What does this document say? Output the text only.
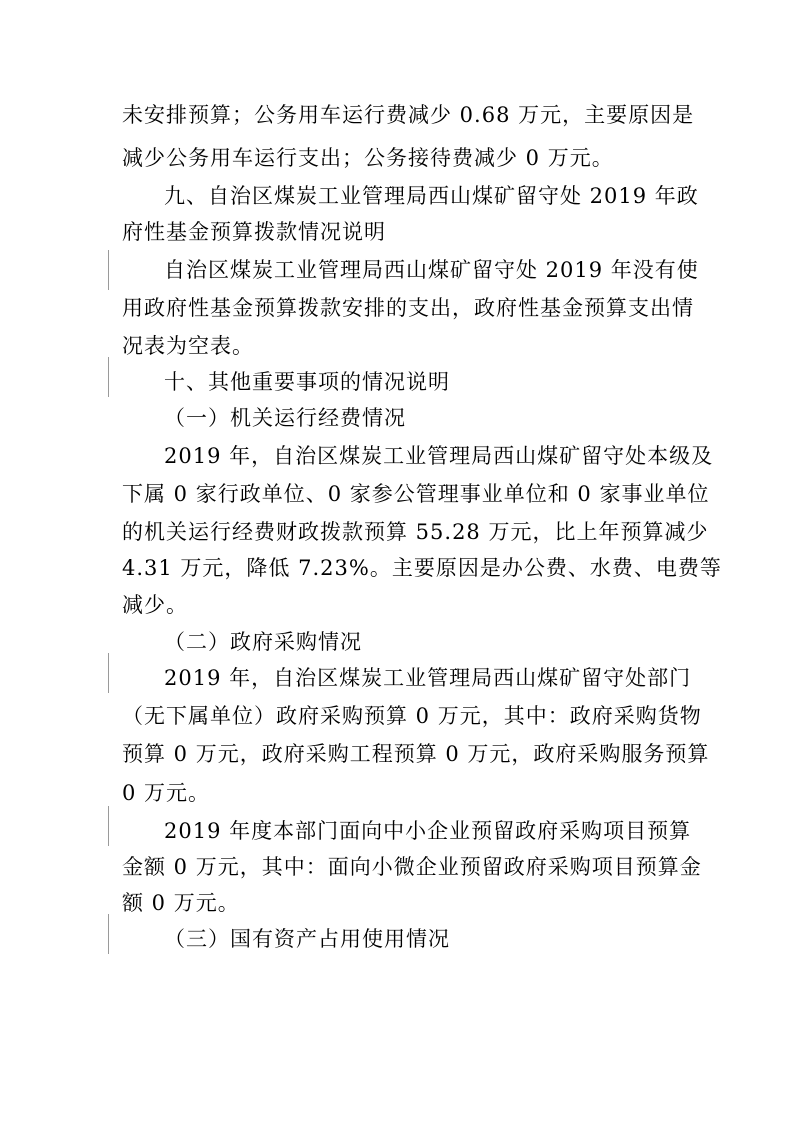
未安排预算；公务用车运行费减少 0.68 万元，主要原因是
减少公务用车运行支出；公务接待费减少 0 万元。
九、自治区煤炭工业管理局西山煤矿留守处 2019 年政
府性基金预算拨款情况说明
自治区煤炭工业管理局西山煤矿留守处 2019 年没有使
用政府性基金预算拨款安排的支出，政府性基金预算支出情
况表为空表。
十、其他重要事项的情况说明
（一）机关运行经费情况
2019 年，自治区煤炭工业管理局西山煤矿留守处本级及
下属 0 家行政单位、0 家参公管理事业单位和 0 家事业单位
的机关运行经费财政拨款预算 55.28 万元，比上年预算减少
4.31 万元，降低 7.23%。主要原因是办公费、水费、电费等
减少。
（二）政府采购情况
2019 年，自治区煤炭工业管理局西山煤矿留守处部门
（无下属单位）政府采购预算 0 万元，其中：政府采购货物
预算 0 万元，政府采购工程预算 0 万元，政府采购服务预算
0 万元。
2019 年度本部门面向中小企业预留政府采购项目预算
金额 0 万元，其中：面向小微企业预留政府采购项目预算金
额 0 万元。
（三）国有资产占用使用情况
